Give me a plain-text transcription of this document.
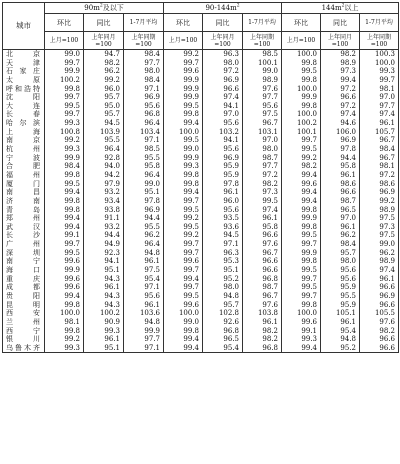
城市	$90m^2$及以下			$90-144m^2$			$144m^2$以上		
	环比	同比	1-7月平均	环比	同比	1-7月平均	环比	同比	1-7月平均
	上月=100	上年同月=100	上年同期=100	上月=100	上年同月=100	上年同期=100	上月=100	上年同月=100	上年同期=100
北京	99.0	94.7	98.4	99.2	96.3	98.5	100.0	98.2	100.3
天津	99.7	98.2	97.7	99.7	98.0	100.1	99.8	98.9	100.0
石家庄	99.9	96.2	98.0	99.6	97.2	99.0	99.5	97.3	99.3
太原	100.2	99.2	98.4	99.9	96.9	98.9	99.8	99.4	99.7
呼和浩特	99.8	96.0	97.1	99.9	96.6	97.6	100.0	97.2	98.1
沈阳	99.7	95.7	96.9	99.9	97.4	97.7	99.9	96.6	97.0
大连	99.5	95.0	95.6	99.5	94.1	95.6	99.8	97.2	97.7
长春	99.7	95.7	96.8	99.8	97.0	97.5	100.0	97.4	97.4
哈尔滨	99.3	94.5	96.4	99.4	95.6	96.7	100.2	94.6	96.1
上海	100.8	103.9	103.4	100.0	103.2	103.1	100.1	106.0	105.7
南京	99.2	95.5	97.1	99.5	94.1	97.0	99.7	96.9	96.7
杭州	99.3	96.4	98.5	99.0	95.6	98.0	99.5	97.8	98.4
宁波	99.9	92.8	95.5	99.9	96.9	98.7	99.2	94.4	96.7
合肥	98.4	94.0	95.8	99.3	95.9	97.7	98.2	95.8	98.1
福州	99.8	94.2	96.4	99.8	95.9	97.2	99.4	96.1	97.2
厦门	99.5	97.9	99.0	99.8	97.8	98.2	99.6	98.6	98.6
南昌	99.4	93.2	95.1	99.4	96.1	97.3	99.4	96.6	96.9
济南	99.8	93.4	97.8	99.7	96.0	99.5	99.4	98.7	99.2
青岛	99.8	93.8	96.9	99.5	95.6	97.4	99.8	96.5	98.9
郑州	99.4	91.1	94.4	99.2	93.5	96.1	99.9	97.0	97.5
武汉	99.4	93.2	95.5	99.5	93.6	95.8	99.8	96.1	97.3
长沙	99.1	94.4	96.2	99.2	94.5	96.6	99.5	96.2	97.5
广州	99.7	94.9	96.4	99.7	97.1	97.6	99.7	98.4	99.0
深圳	99.5	92.3	94.8	99.7	96.3	96.7	99.9	95.7	96.2
南宁	99.6	94.1	96.1	99.6	95.3	96.6	99.8	98.0	98.9
海口	99.9	95.1	97.5	99.7	95.1	96.6	99.5	95.6	97.4
重庆	99.6	94.3	95.4	99.4	95.2	96.8	99.7	95.6	96.1
成都	99.6	96.1	97.1	99.7	98.0	98.7	99.5	95.9	96.6
贵阳	99.4	94.3	95.6	99.5	94.8	96.7	99.7	95.5	96.9
昆明	99.8	94.3	96.1	99.6	95.7	97.6	99.8	95.9	96.6
西安	100.0	100.2	103.6	100.0	102.8	103.8	100.0	105.1	105.5
兰州	98.1	90.9	94.8	99.0	92.6	96.1	99.6	96.1	97.6
西宁	99.8	99.3	99.9	99.8	96.8	98.2	99.1	95.4	98.2
银川	99.2	96.1	97.7	99.4	96.5	98.2	99.3	94.8	96.6
乌鲁木齐	99.3	95.1	97.1	99.4	95.4	96.8	99.4	95.2	96.6
